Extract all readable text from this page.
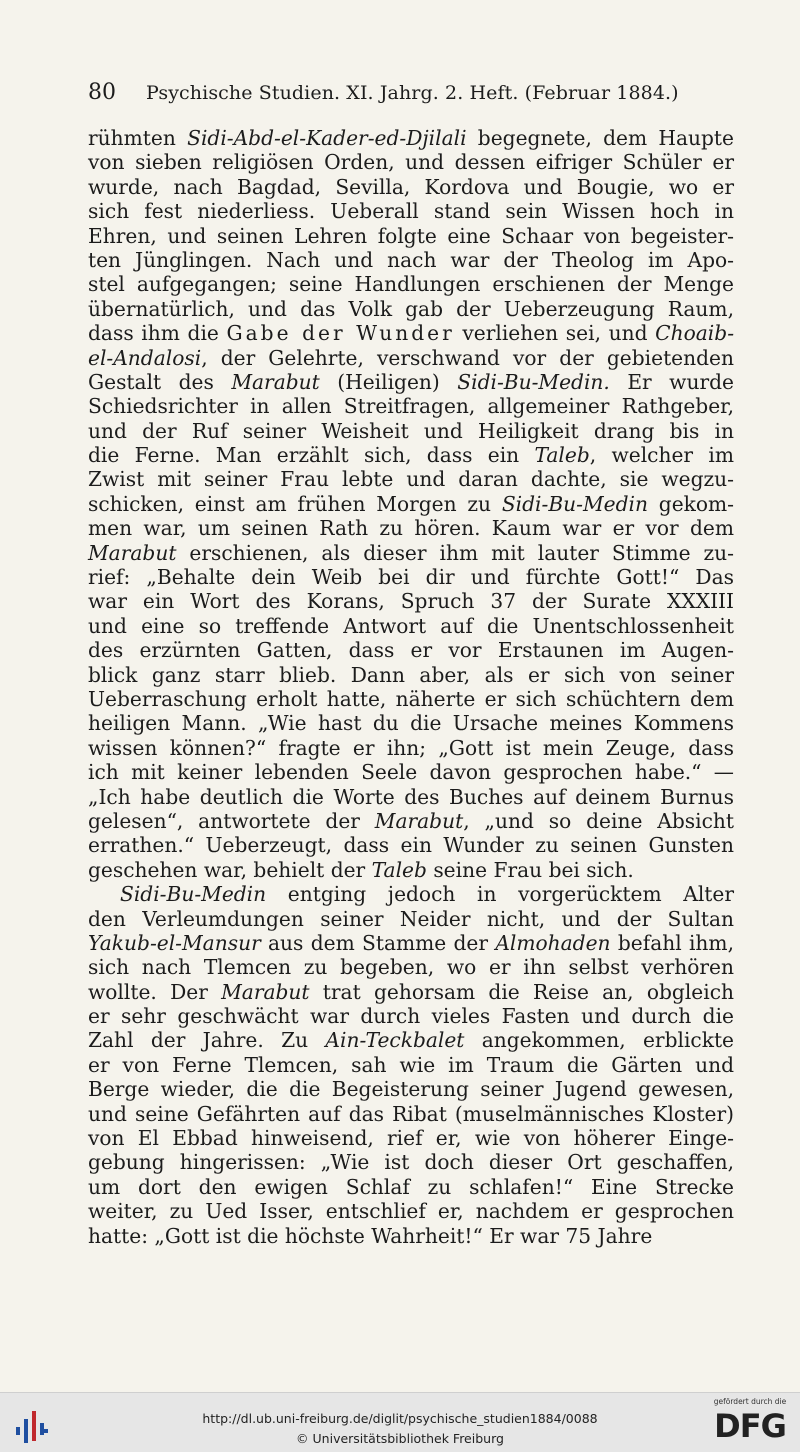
80 Psychische Studien. XI. Jahrg. 2. Heft. (Februar 1884.)
rühmten Sidi-Abd-el-Kader-ed-Djilali begegnete, dem Haupte
von sieben religiösen Orden, und dessen eifriger Schüler er
wurde, nach Bagdad, Sevilla, Kordova und Bougie, wo er
sich fest niederliess. Ueberall stand sein Wissen hoch in
Ehren, und seinen Lehren folgte eine Schaar von begeister-
ten Jünglingen. Nach und nach war der Theolog im Apo-
stel aufgegangen; seine Handlungen erschienen der Menge
übernatürlich, und das Volk gab der Ueberzeugung Raum,
dass ihm die Gabe der Wunder verliehen sei, und Choaib-
el-Andalosi, der Gelehrte, verschwand vor der gebietenden
Gestalt des Marabut (Heiligen) Sidi-Bu-Medin. Er wurde
Schiedsrichter in allen Streitfragen, allgemeiner Rathgeber,
und der Ruf seiner Weisheit und Heiligkeit drang bis in
die Ferne. Man erzählt sich, dass ein Taleb, welcher im
Zwist mit seiner Frau lebte und daran dachte, sie wegzu-
schicken, einst am frühen Morgen zu Sidi-Bu-Medin gekom-
men war, um seinen Rath zu hören. Kaum war er vor dem
Marabut erschienen, als dieser ihm mit lauter Stimme zu-
rief: „Behalte dein Weib bei dir und fürchte Gott!“ Das
war ein Wort des Korans, Spruch 37 der Surate XXXIII
und eine so treffende Antwort auf die Unentschlossenheit
des erzürnten Gatten, dass er vor Erstaunen im Augen-
blick ganz starr blieb. Dann aber, als er sich von seiner
Ueberraschung erholt hatte, näherte er sich schüchtern dem
heiligen Mann. „Wie hast du die Ursache meines Kommens
wissen können?“ fragte er ihn; „Gott ist mein Zeuge, dass
ich mit keiner lebenden Seele davon gesprochen habe.“ —
„Ich habe deutlich die Worte des Buches auf deinem Burnus
gelesen“, antwortete der Marabut, „und so deine Absicht
errathen.“ Ueberzeugt, dass ein Wunder zu seinen Gunsten
geschehen war, behielt der Taleb seine Frau bei sich.
Sidi-Bu-Medin entging jedoch in vorgerücktem Alter
den Verleumdungen seiner Neider nicht, und der Sultan
Yakub-el-Mansur aus dem Stamme der Almohaden befahl ihm,
sich nach Tlemcen zu begeben, wo er ihn selbst verhören
wollte. Der Marabut trat gehorsam die Reise an, obgleich
er sehr geschwächt war durch vieles Fasten und durch die
Zahl der Jahre. Zu Ain-Teckbalet angekommen, erblickte
er von Ferne Tlemcen, sah wie im Traum die Gärten und
Berge wieder, die die Begeisterung seiner Jugend gewesen,
und seine Gefährten auf das Ribat (muselmännisches Kloster)
von El Ebbad hinweisend, rief er, wie von höherer Einge-
gebung hingerissen: „Wie ist doch dieser Ort geschaffen,
um dort den ewigen Schlaf zu schlafen!“ Eine Strecke
weiter, zu Ued Isser, entschlief er, nachdem er gesprochen
hatte: „Gott ist die höchste Wahrheit!“ Er war 75 Jahre
http://dl.ub.uni-freiburg.de/diglit/psychische_studien1884/0088
© Universitätsbibliothek Freiburg
gefördert durch die
DFG
